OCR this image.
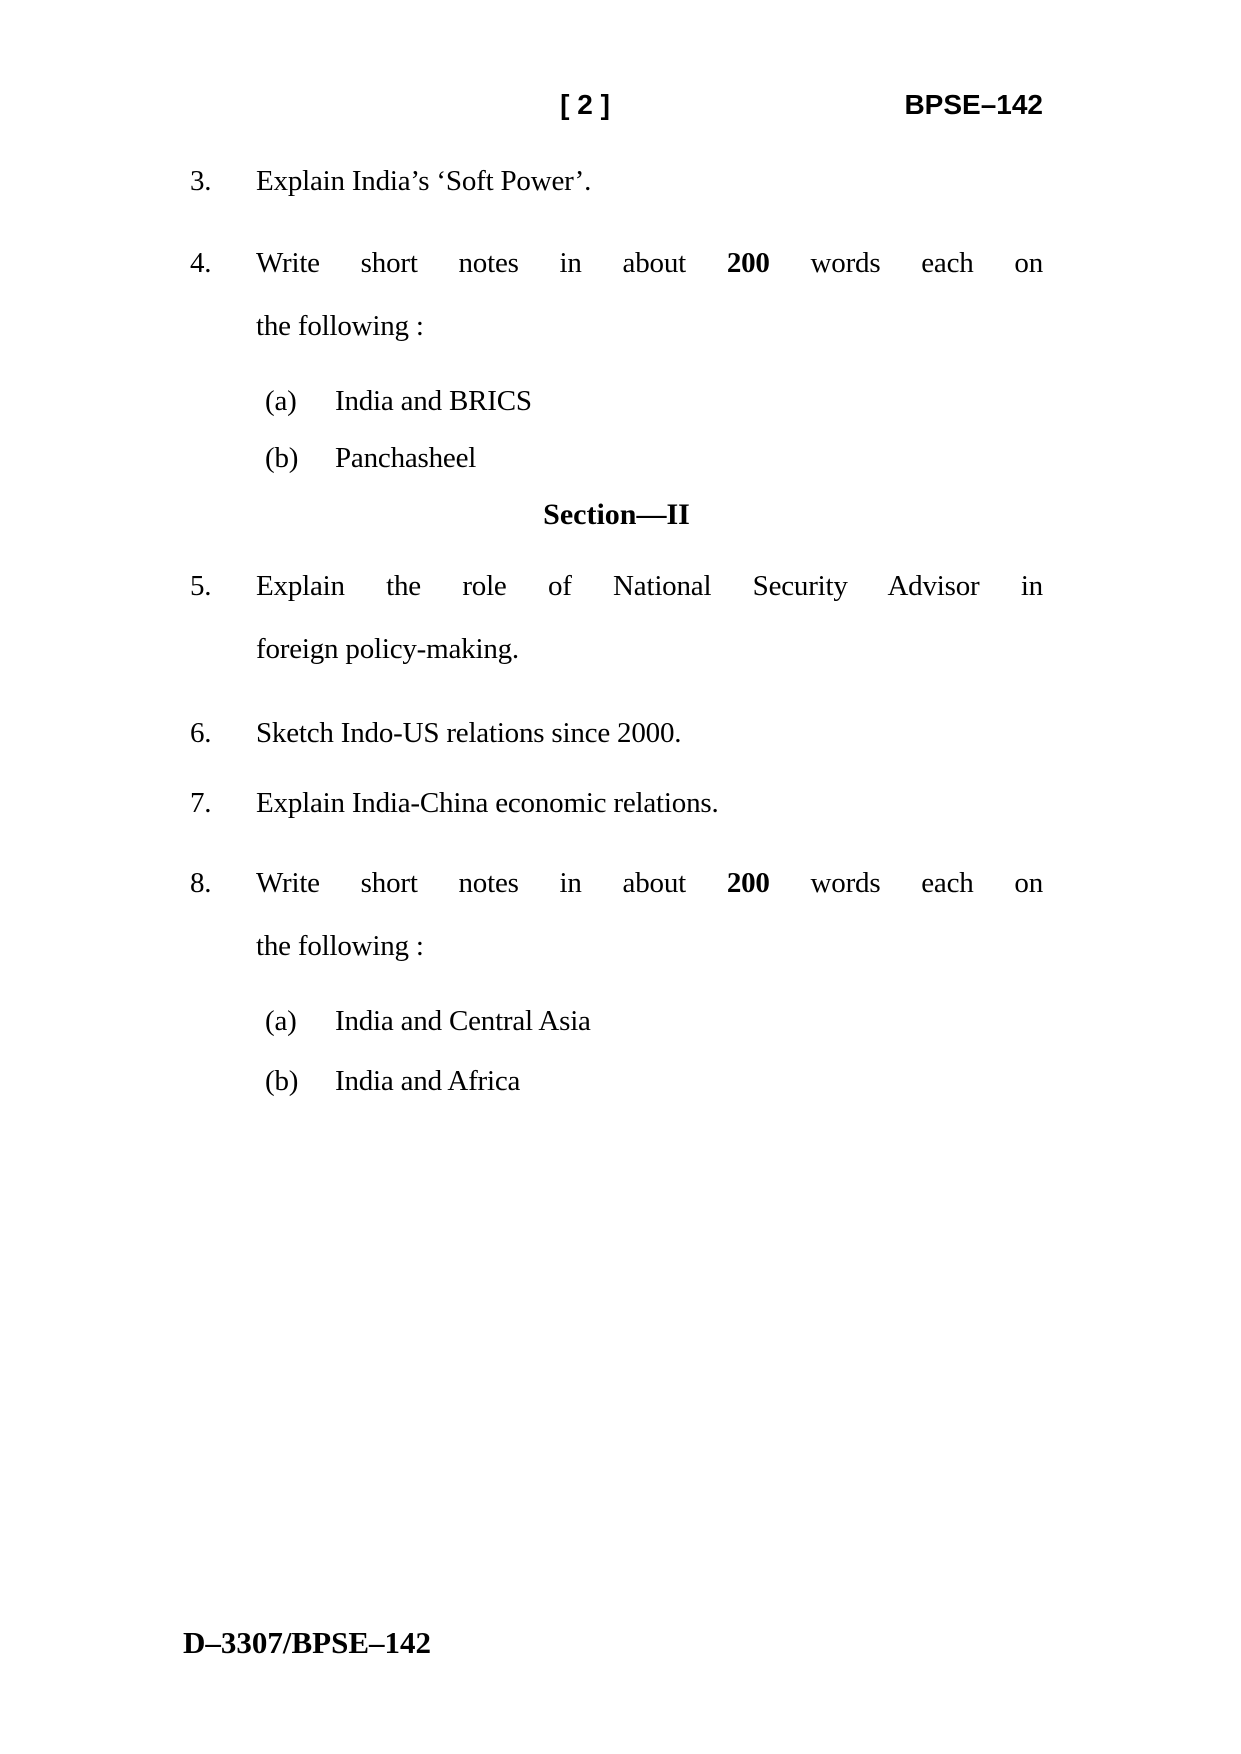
[ 2 ]	BPSE–142
3. Explain India’s ‘Soft Power’.
4. Write short notes in about 200 words each on
the following :
(a)	India and BRICS
(b)	Panchasheel
Section—II
5. Explain the role of National Security Advisor in
foreign policy-making.
6. Sketch Indo-US relations since 2000.
7. Explain India-China economic relations.
8. Write short notes in about 200 words each on
the following :
(a)	India and Central Asia
(b)	India and Africa
D–3307/BPSE–142
